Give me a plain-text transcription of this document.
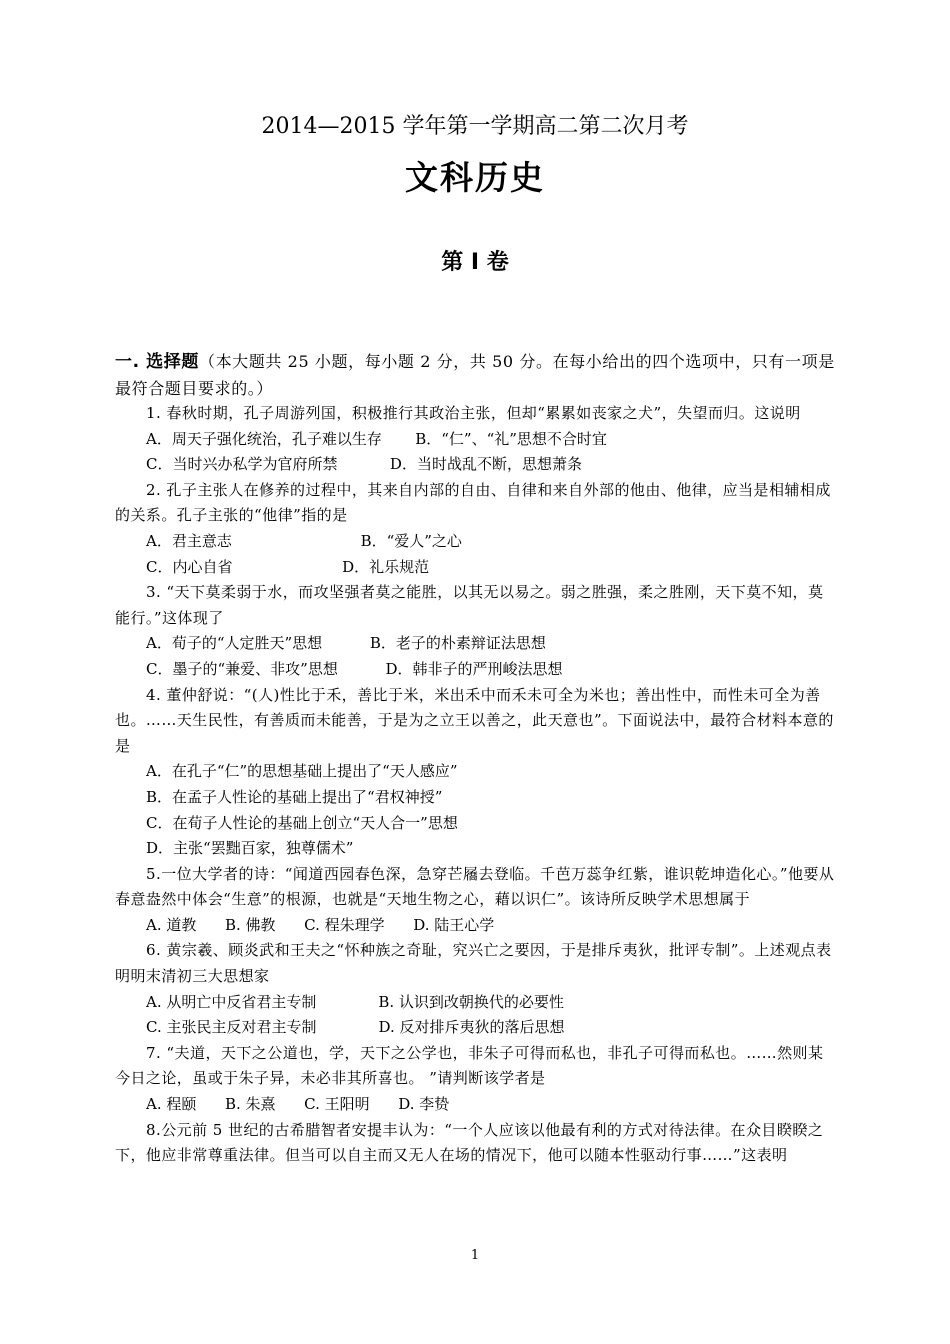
2014—2015 学年第一学期高二第二次月考
文科历史
第 I 卷

一. 选择题（本大题共 25 小题，每小题 2 分，共 50 分。在每小给出的四个选项中，只有一项是最符合题目要求的。）

1. 春秋时期，孔子周游列国，积极推行其政治主张，但却“累累如丧家之犬”，失望而归。这说明

A．周天子强化统治，孔子难以生存       B．“仁”、“礼”思想不合时宜

C．当时兴办私学为官府所禁           D．当时战乱不断，思想萧条

2. 孔子主张人在修养的过程中，其来自内部的自由、自律和来自外部的他由、他律，应当是相辅相成的关系。孔子主张的“他律”指的是

A．君主意志                           B．“爱人”之心

C．内心自省                       D．礼乐规范

3. “天下莫柔弱于水，而攻坚强者莫之能胜，以其无以易之。弱之胜强，柔之胜刚，天下莫不知，莫能行。”这体现了

A．荀子的“人定胜天”思想          B．老子的朴素辩证法思想

C．墨子的“兼爱、非攻”思想          D．韩非子的严刑峻法思想

4. 董仲舒说：“(人)性比于禾，善比于米，米出禾中而禾未可全为米也；善出性中，而性未可全为善也。……天生民性，有善质而未能善，于是为之立王以善之，此天意也”。下面说法中，最符合材料本意的是

A．在孔子“仁”的思想基础上提出了“天人感应”

B．在孟子人性论的基础上提出了“君权神授”

C．在荀子人性论的基础上创立“天人合一”思想

D．主张“罢黜百家，独尊儒术”

5.一位大学者的诗：“闻道西园春色深，急穿芒屩去登临。千芭万蕊争红紫，谁识乾坤造化心。”他要从春意盎然中体会“生意”的根源，也就是“天地生物之心，藉以识仁”。该诗所反映学术思想属于

A. 道教      B. 佛教      C. 程朱理学      D. 陆王心学

6. 黄宗羲、顾炎武和王夫之“怀种族之奇耻，究兴亡之要因，于是排斥夷狄，批评专制”。上述观点表明明末清初三大思想家

A. 从明亡中反省君主专制             B. 认识到改朝换代的必要性

C. 主张民主反对君主专制             D. 反对排斥夷狄的落后思想

7. “夫道，天下之公道也，学，天下之公学也，非朱子可得而私也，非孔子可得而私也。……然则某今日之论，虽或于朱子异，未必非其所喜也。 ”请判断该学者是

A. 程颐      B. 朱熹      C. 王阳明      D. 李贽

8.公元前 5 世纪的古希腊智者安提丰认为：“一个人应该以他最有利的方式对待法律。在众目睽睽之下，他应非常尊重法律。但当可以自主而又无人在场的情况下，他可以随本性驱动行事……”这表明

1
